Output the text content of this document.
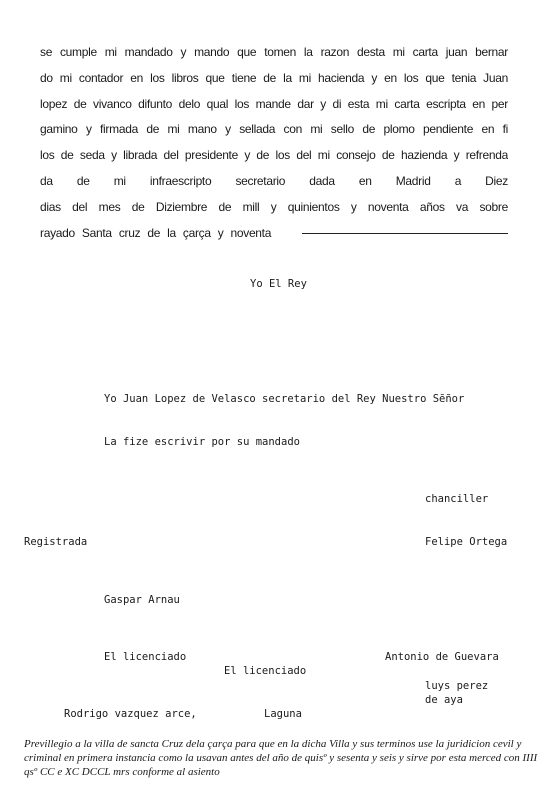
se cumple mi mandado y mando que tomen la razon desta mi carta juan bernar
do mi contador en los libros que tiene de la mi hacienda y en los que tenia Juan
lopez de vivanco difunto delo qual los mande dar y di esta mi carta escripta en per
gamino y firmada de mi mano y sellada con mi sello de plomo pendiente en fi
los de seda y librada del presidente y de los del mi consejo de hazienda y refrenda
da de mi infraescripto secretario dada en Madrid a Diez
dias del mes de Diziembre de mill y quinientos y noventa años va sobre
rayado Santa cruz de la çarça y noventa
Yo El Rey
Yo Juan Lopez de Velasco secretario del Rey Nuestro Sēñor
La fize escrivir por su mandado
chanciller
Registrada	Felipe Ortega
Gaspar Arnau
El licenciado	Antonio de Guevara
El licenciado
luys perez
de aya
Rodrigo vazquez arce,	Laguna
Previllegio a la villa de sancta Cruz dela çarça para que en la dicha Villa y sus terminos use la juridicion cevil y criminal en primera instancia como la usavan antes del año de quisº y sesenta y seis y sirve por esta merced con IIII qsº CC e XC DCCL mrs conforme al asiento
